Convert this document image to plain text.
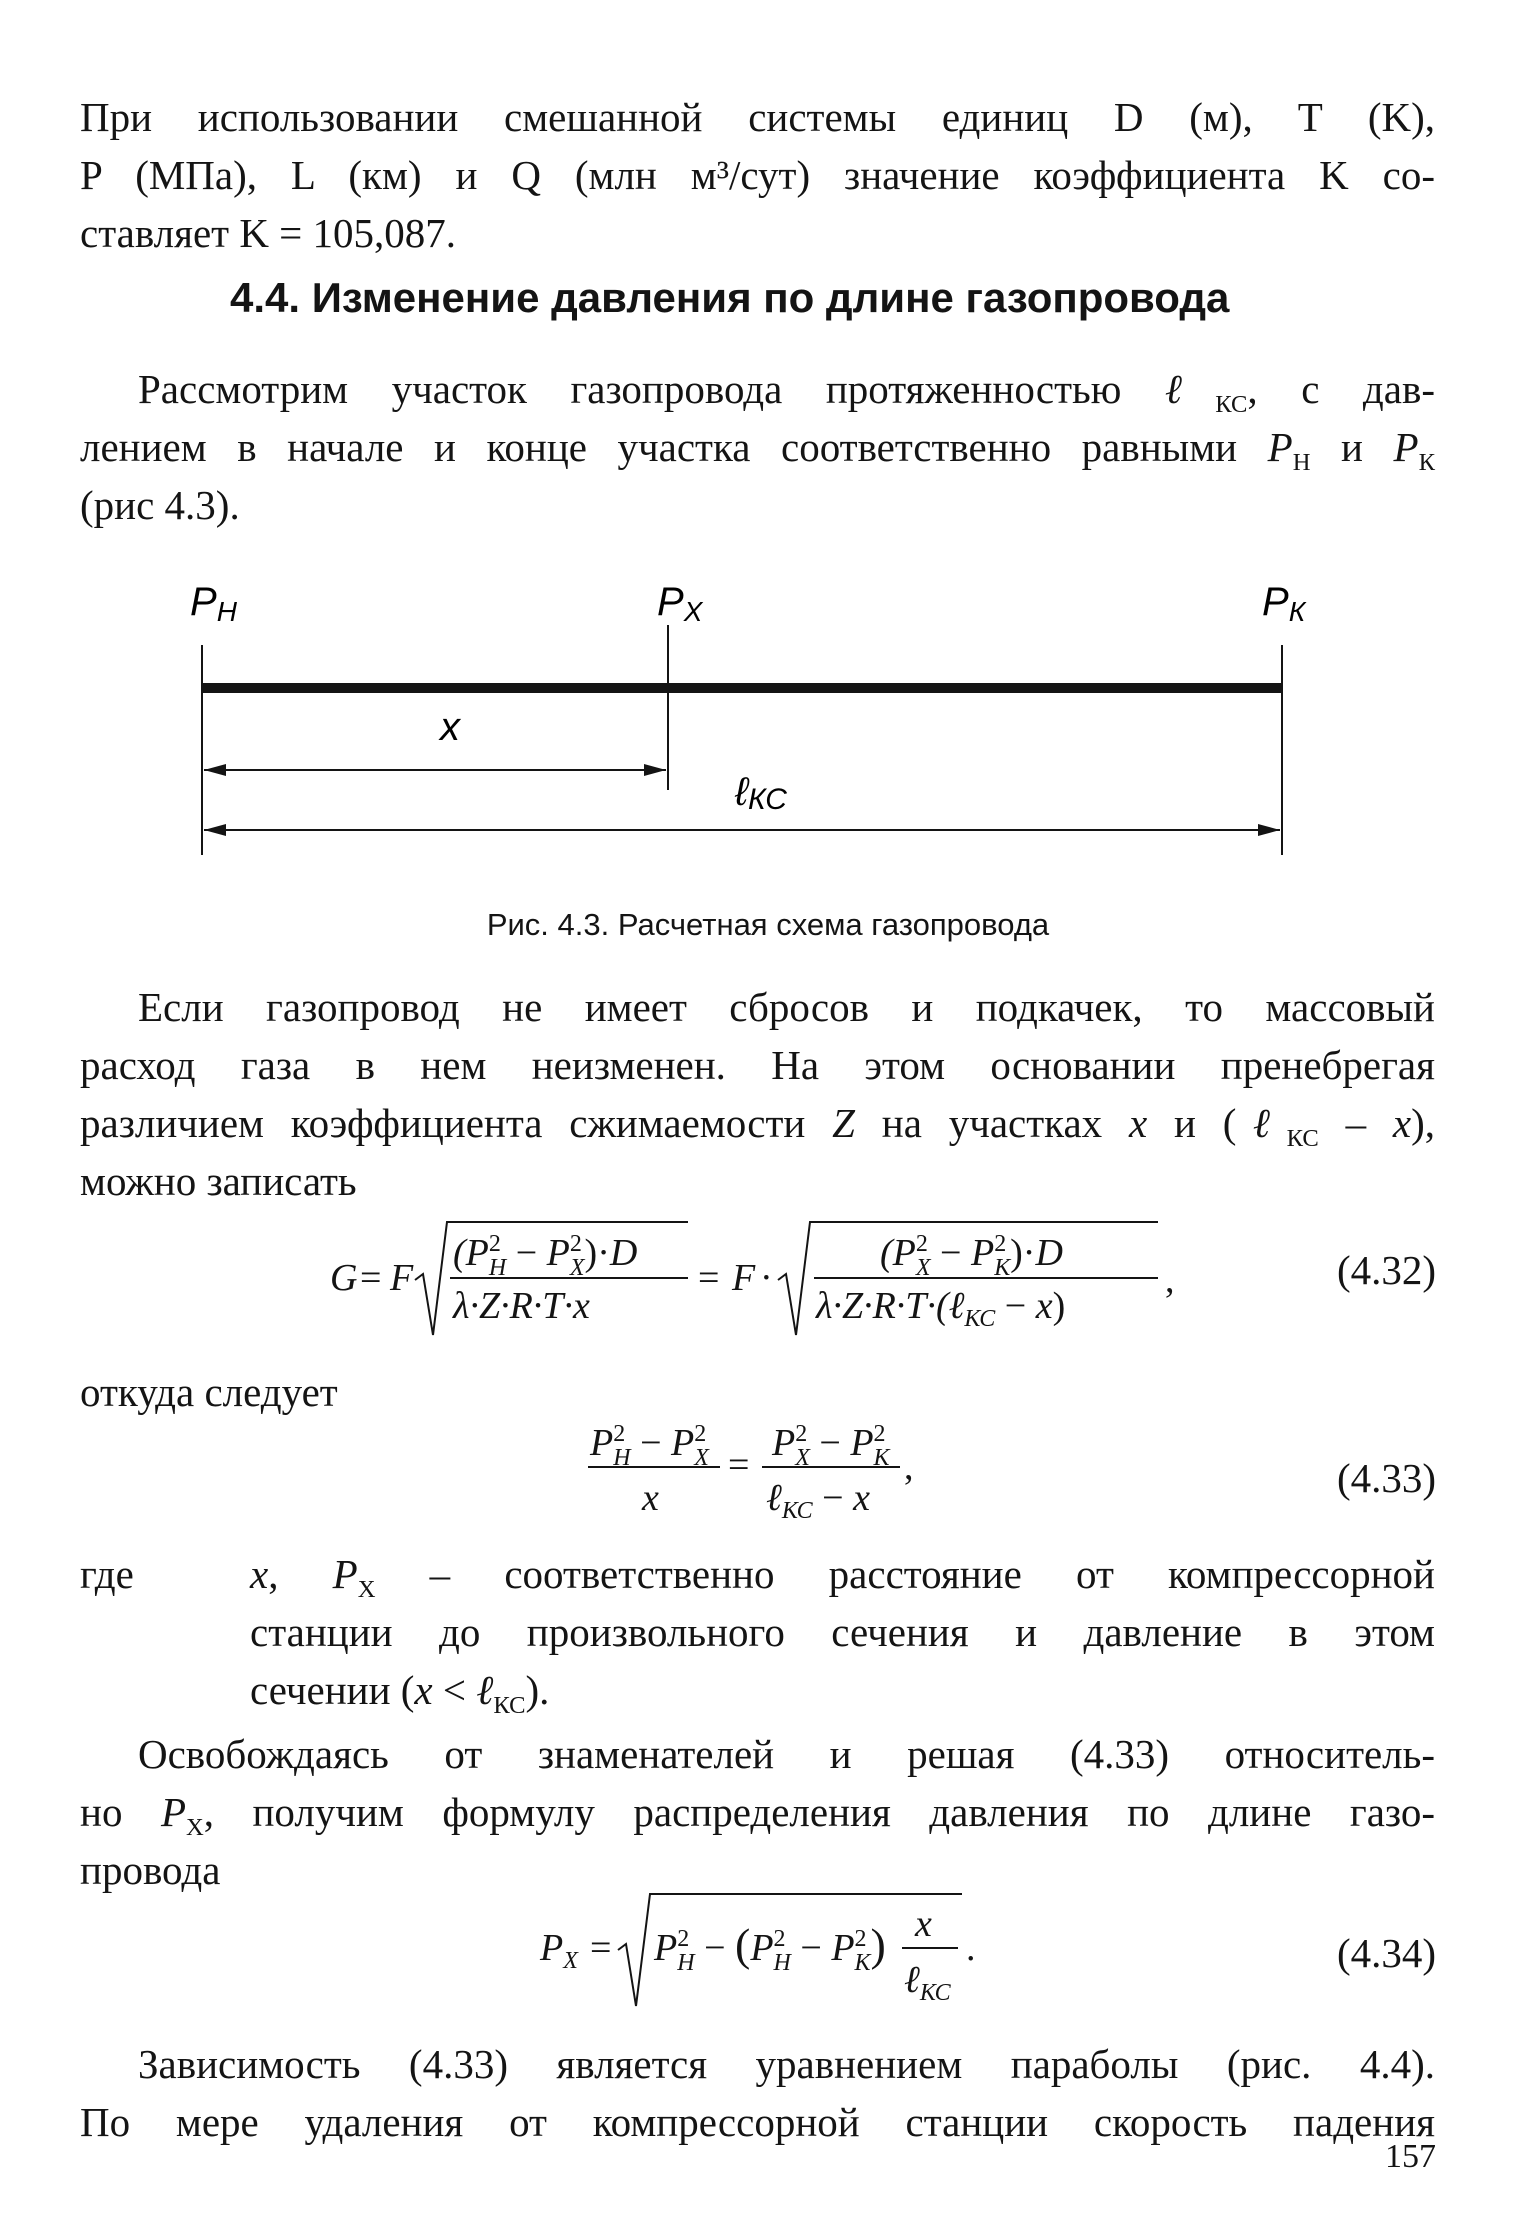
При использовании смешанной системы единиц D (м), T (K),
P (МПа), L (км) и Q (млн м³/сут) значение коэффициента K со-
ставляет K = 105,087.
4.4. Изменение давления по длине газопровода
Рассмотрим участок газопровода протяженностью ℓ$_{КС}$, с дав-
лением в начале и конце участка соответственно равными $P_Н$ и $P_К$
(рис 4.3).
PН	PХ	PК
x
ℓКС
Рис. 4.3. Расчетная схема газопровода
Если газопровод не имеет сбросов и подкачек, то массовый
расход газа в нем неизменен. На этом основании пренебрегая
различием коэффициента сжимаемости Z на участках x и (ℓ$_{КС}$ – x),
можно записать
G = F
($P^2$ $Н - P^2$ X)·D
λ·Z·R·T·x
= F ·
($P^2$ $X - P^2$ К)·D
λ·Z·R·T·(ℓ$_{КС}$ − x)
,	(4.32)
откуда следует
$P^2$ $Н - P^2$ X
x
=
$P^2$ $X - P^2$ К
ℓ$_{КС}$ − x
,	(4.33)
где	x, $P_X$ – соответственно расстояние от компрессорной
станции до произвольного сечения и давление в этом
сечении (x < ℓ$_{КС}$).
Освобождаясь от знаменателей и решая (4.33) относитель-
но $P_X$, получим формулу распределения давления по длине газо-
провода
$P_X = P^2$ $Н - (P^2$ $Н - P^2$ К) x
ℓ$_{КС}$
.	(4.34)
Зависимость (4.33) является уравнением параболы (рис. 4.4).
По мере удаления от компрессорной станции скорость падения
157
